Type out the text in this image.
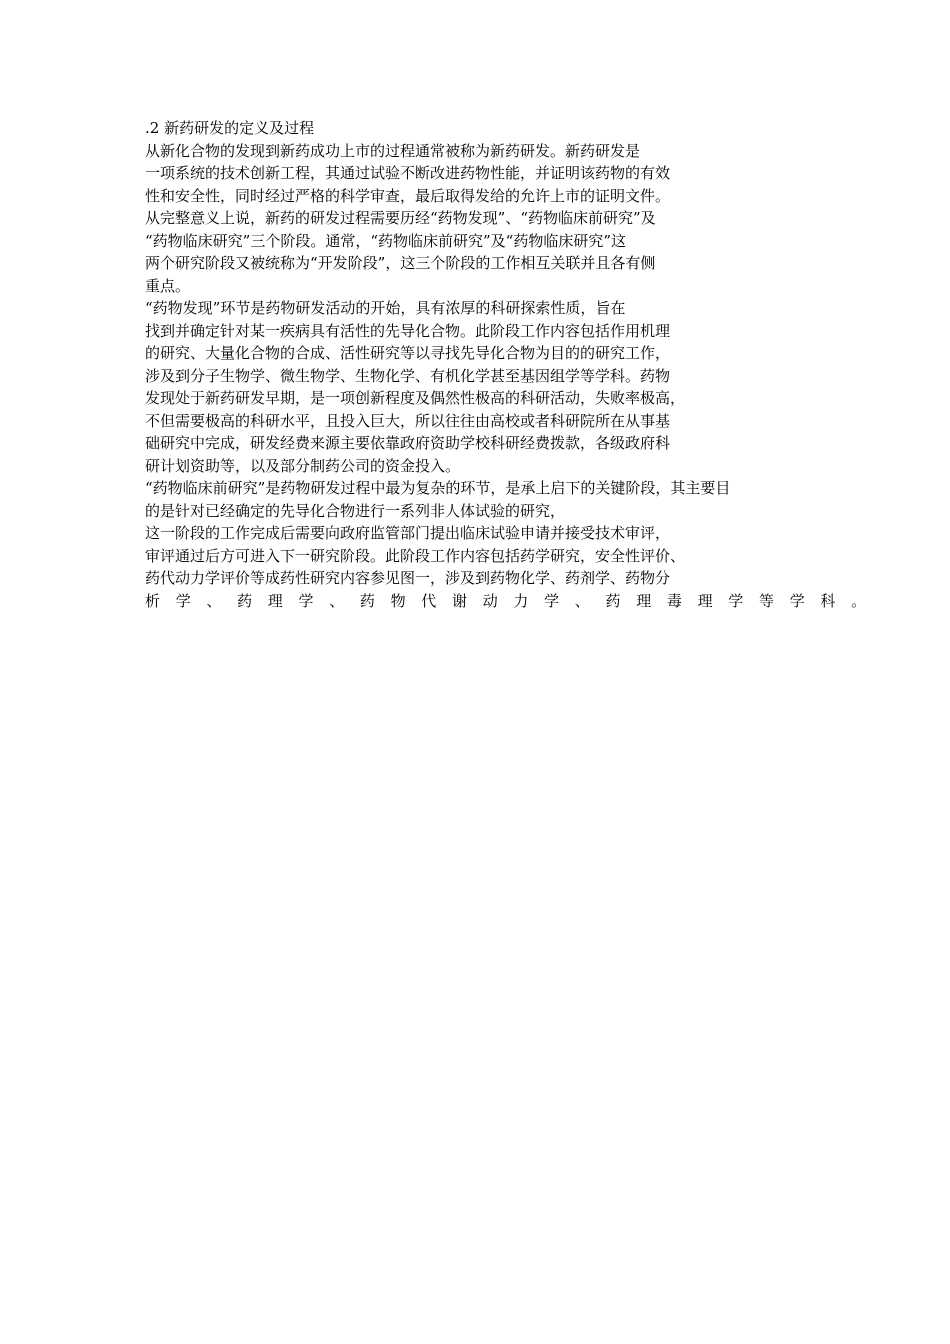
.2 新药研发的定义及过程
从新化合物的发现到新药成功上市的过程通常被称为新药研发。新药研发是
一项系统的技术创新工程，其通过试验不断改进药物性能，并证明该药物的有效
性和安全性，同时经过严格的科学审查，最后取得发给的允许上市的证明文件。
从完整意义上说，新药的研发过程需要历经“药物发现”、“药物临床前研究”及
“药物临床研究”三个阶段。通常，“药物临床前研究”及“药物临床研究”这
两个研究阶段又被统称为“开发阶段”，这三个阶段的工作相互关联并且各有侧
重点。
“药物发现”环节是药物研发活动的开始，具有浓厚的科研探索性质，旨在
找到并确定针对某一疾病具有活性的先导化合物。此阶段工作内容包括作用机理
的研究、大量化合物的合成、活性研究等以寻找先导化合物为目的的研究工作，
涉及到分子生物学、微生物学、生物化学、有机化学甚至基因组学等学科。药物
发现处于新药研发早期，是一项创新程度及偶然性极高的科研活动，失败率极高，
不但需要极高的科研水平，且投入巨大，所以往往由高校或者科研院所在从事基
础研究中完成，研发经费来源主要依靠政府资助学校科研经费拨款，各级政府科
研计划资助等，以及部分制药公司的资金投入。
“药物临床前研究”是药物研发过程中最为复杂的环节，是承上启下的关键阶段，其主要目
的是针对已经确定的先导化合物进行一系列非人体试验的研究，
这一阶段的工作完成后需要向政府监管部门提出临床试验申请并接受技术审评，
审评通过后方可进入下一研究阶段。此阶段工作内容包括药学研究，安全性评价、
药代动力学评价等成药性研究内容参见图一，涉及到药物化学、药剂学、药物分
析学、药理学、药物代谢动力学、药理毒理学等学科。
